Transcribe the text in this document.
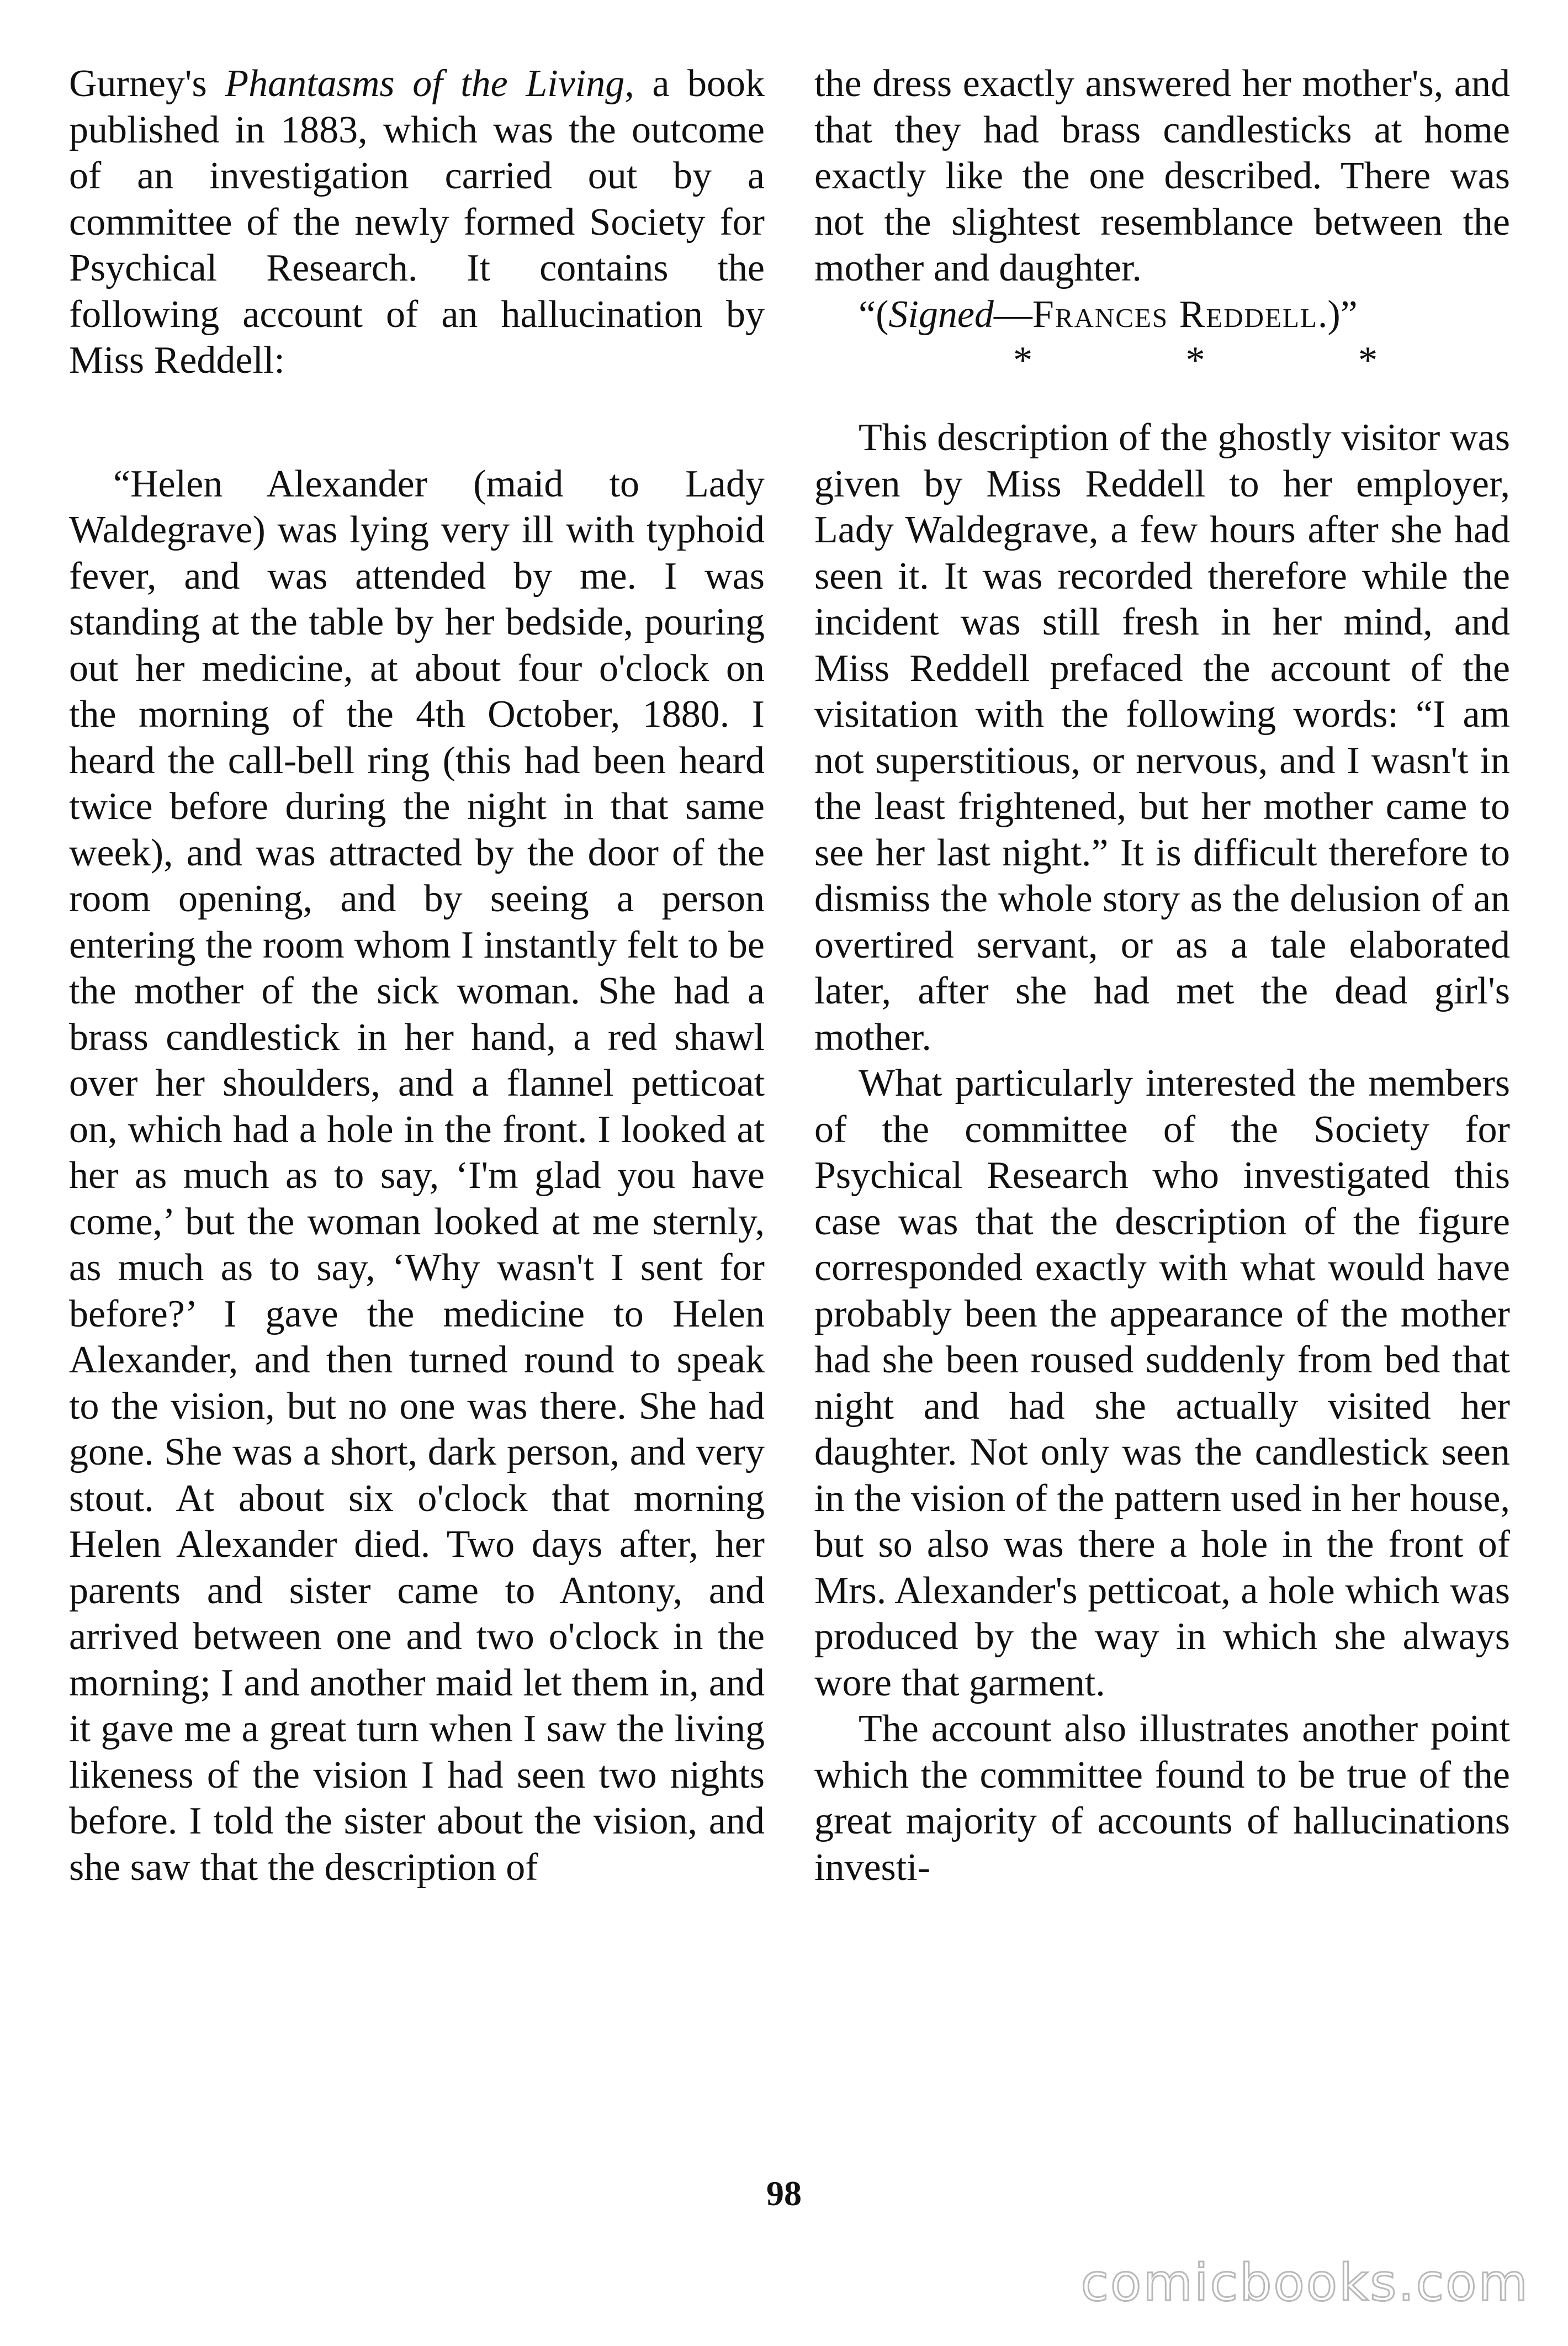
Gurney's Phantasms of the Living, a book published in 1883, which was the outcome of an investigation carried out by a committee of the newly formed Society for Psychical Research. It contains the following account of an hallucination by Miss Reddell:

“Helen Alexander (maid to Lady Waldegrave) was lying very ill with typhoid fever, and was attended by me. I was standing at the table by her bedside, pouring out her medicine, at about four o'clock on the morning of the 4th October, 1880. I heard the call-bell ring (this had been heard twice before during the night in that same week), and was attracted by the door of the room opening, and by seeing a person entering the room whom I instantly felt to be the mother of the sick woman. She had a brass candlestick in her hand, a red shawl over her shoulders, and a flannel petticoat on, which had a hole in the front. I looked at her as much as to say, ‘I'm glad you have come,’ but the woman looked at me sternly, as much as to say, ‘Why wasn't I sent for before?’ I gave the medicine to Helen Alexander, and then turned round to speak to the vision, but no one was there. She had gone. She was a short, dark person, and very stout. At about six o'clock that morning Helen Alexander died. Two days after, her parents and sister came to Antony, and arrived between one and two o'clock in the morning; I and another maid let them in, and it gave me a great turn when I saw the living likeness of the vision I had seen two nights before. I told the sister about the vision, and she saw that the description of

the dress exactly answered her mother's, and that they had brass candlesticks at home exactly like the one described. There was not the slightest resemblance between the mother and daughter.

“(Signed—Frances Reddell.)”

* * *

This description of the ghostly visitor was given by Miss Reddell to her employer, Lady Waldegrave, a few hours after she had seen it. It was recorded therefore while the incident was still fresh in her mind, and Miss Reddell prefaced the account of the visitation with the following words: “I am not superstitious, or nervous, and I wasn't in the least frightened, but her mother came to see her last night.” It is difficult therefore to dismiss the whole story as the delusion of an overtired servant, or as a tale elaborated later, after she had met the dead girl's mother.

What particularly interested the members of the committee of the Society for Psychical Research who investigated this case was that the description of the figure corresponded exactly with what would have probably been the appearance of the mother had she been roused suddenly from bed that night and had she actually visited her daughter. Not only was the candlestick seen in the vision of the pattern used in her house, but so also was there a hole in the front of Mrs. Alexander's petticoat, a hole which was produced by the way in which she always wore that garment.

The account also illustrates another point which the committee found to be true of the great majority of accounts of hallucinations investi-

98
comicbooks.com
